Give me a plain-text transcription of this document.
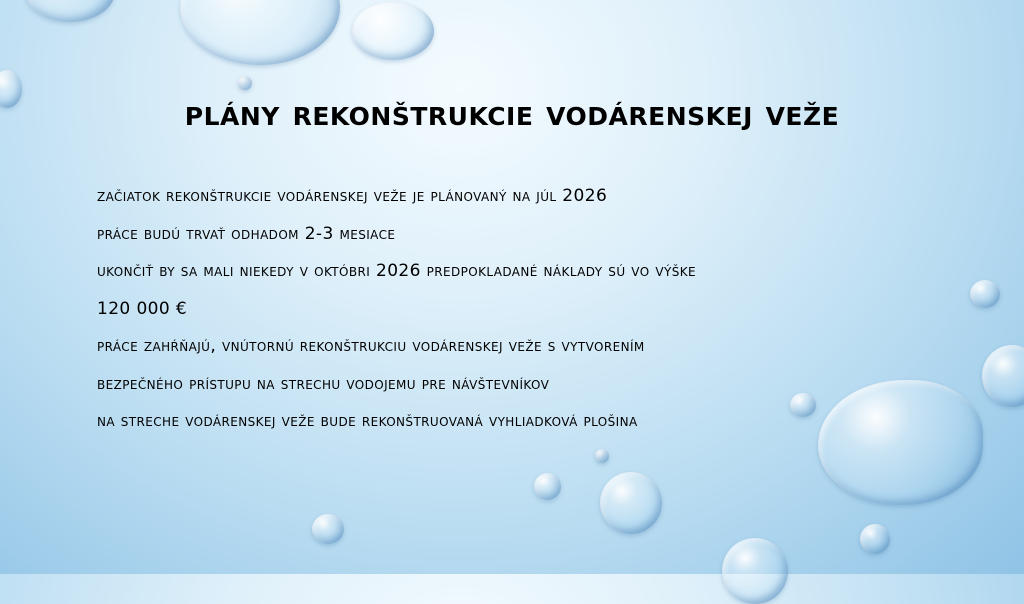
plány rekonštrukcie vodárenskej veže
začiatok rekonštrukcie vodárenskej veže je plánovaný na júl 2026
práce budú trvať odhadom 2-3 mesiace
ukončiť by sa mali niekedy v októbri 2026 predpokladané náklady sú vo výške
120 000 €
práce zahŕňajú, vnútornú rekonštrukciu vodárenskej veže s vytvorením
bezpečného prístupu na strechu vodojemu pre návštevníkov
na streche vodárenskej veže bude rekonštruovaná vyhliadková plošina
